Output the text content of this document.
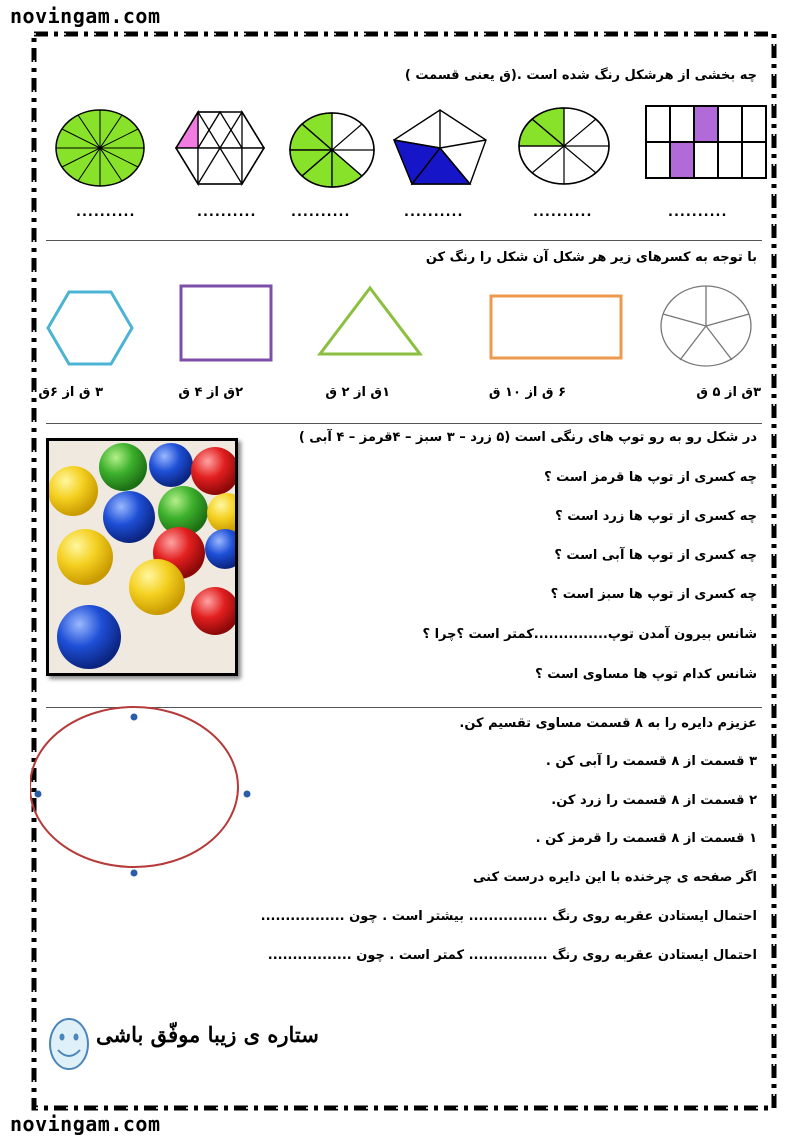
novingam.com
novingam.com
چه بخشی از هرشکل رنگ شده است .(ق یعنی قسمت )
..........	..........	..........	..........	..........	..........
با توجه به کسرهای زیر هر شکل آن شکل را رنگ کن
۳ق از ۵ ق
۶ ق از ۱۰ ق
۱ق از ۲ ق
۲ق از ۴ ق
۳ ق از ۶ق
در شکل رو به رو توپ های رنگی است (۵ زرد – ۳ سبز – ۴قرمز – ۴ آبی )
چه کسری از توپ ها قرمز است ؟
چه کسری از توپ ها زرد است ؟
چه کسری از توپ ها آبی است ؟
چه کسری از توپ ها سبز است ؟
شانس بیرون آمدن توپ...............کمتر است ؟چرا ؟
شانس کدام توپ ها مساوی است ؟
عزیزم دایره را به ۸ قسمت مساوی تقسیم کن.
۳ قسمت از ۸ قسمت را آبی کن .
۲ قسمت از ۸ قسمت را زرد کن.
۱ قسمت از ۸ قسمت را قرمز کن .
اگر صفحه ی چرخنده با این دایره درست کنی
احتمال ایستادن عقربه روی رنگ ................ بیشتر است . چون .................
احتمال ایستادن عقربه روی رنگ ................ کمتر است . چون .................
ستاره ی زیبا موفّق باشی
